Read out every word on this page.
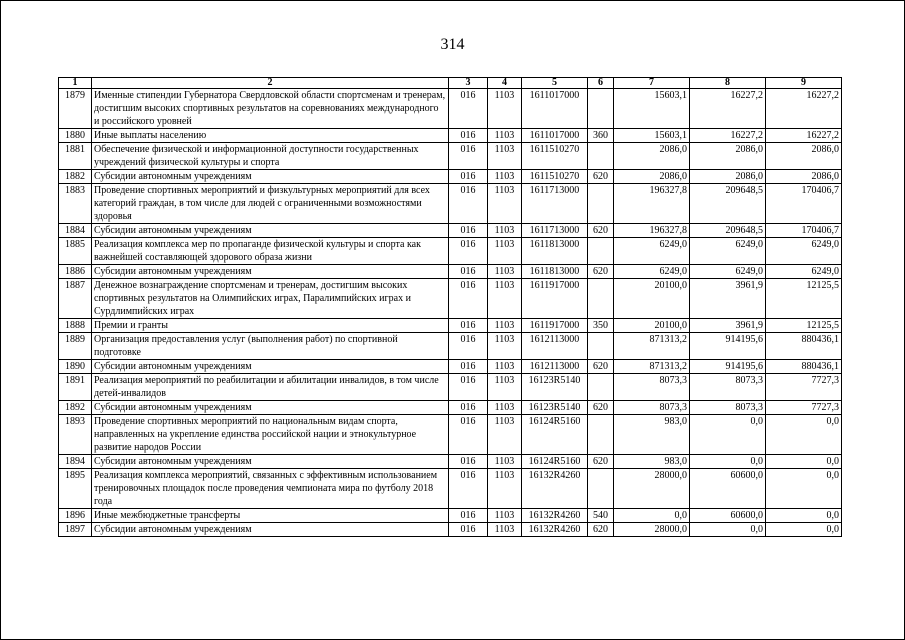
314
1	2	3	4	5	6	7	8	9
1879	Именные стипендии Губернатора Свердловской области спортсменам и тренерам, достигшим высоких спортивных результатов на соревнованиях международного и российского уровней	016	1103	1611017000		15603,1	16227,2	16227,2
1880	Иные выплаты населению	016	1103	1611017000	360	15603,1	16227,2	16227,2
1881	Обеспечение физической и информационной доступности государственных учреждений физической культуры и спорта	016	1103	1611510270		2086,0	2086,0	2086,0
1882	Субсидии автономным учреждениям	016	1103	1611510270	620	2086,0	2086,0	2086,0
1883	Проведение спортивных мероприятий и физкультурных мероприятий для всех категорий граждан, в том числе для людей с ограниченными возможностями здоровья	016	1103	1611713000		196327,8	209648,5	170406,7
1884	Субсидии автономным учреждениям	016	1103	1611713000	620	196327,8	209648,5	170406,7
1885	Реализация комплекса мер по пропаганде физической культуры и спорта как важнейшей составляющей здорового образа жизни	016	1103	1611813000		6249,0	6249,0	6249,0
1886	Субсидии автономным учреждениям	016	1103	1611813000	620	6249,0	6249,0	6249,0
1887	Денежное вознаграждение спортсменам и тренерам, достигшим высоких спортивных результатов на Олимпийских играх, Паралимпийских играх и Сурдлимпийских играх	016	1103	1611917000		20100,0	3961,9	12125,5
1888	Премии и гранты	016	1103	1611917000	350	20100,0	3961,9	12125,5
1889	Организация предоставления услуг (выполнения работ) по спортивной подготовке	016	1103	1612113000		871313,2	914195,6	880436,1
1890	Субсидии автономным учреждениям	016	1103	1612113000	620	871313,2	914195,6	880436,1
1891	Реализация мероприятий по реабилитации и абилитации инвалидов, в том числе детей-инвалидов	016	1103	16123R5140		8073,3	8073,3	7727,3
1892	Субсидии автономным учреждениям	016	1103	16123R5140	620	8073,3	8073,3	7727,3
1893	Проведение спортивных мероприятий по национальным видам спорта, направленных на укрепление единства российской нации и этнокультурное развитие народов России	016	1103	16124R5160		983,0	0,0	0,0
1894	Субсидии автономным учреждениям	016	1103	16124R5160	620	983,0	0,0	0,0
1895	Реализация комплекса мероприятий, связанных с эффективным использованием тренировочных площадок после проведения чемпионата мира по футболу 2018 года	016	1103	16132R4260		28000,0	60600,0	0,0
1896	Иные межбюджетные трансферты	016	1103	16132R4260	540	0,0	60600,0	0,0
1897	Субсидии автономным учреждениям	016	1103	16132R4260	620	28000,0	0,0	0,0
